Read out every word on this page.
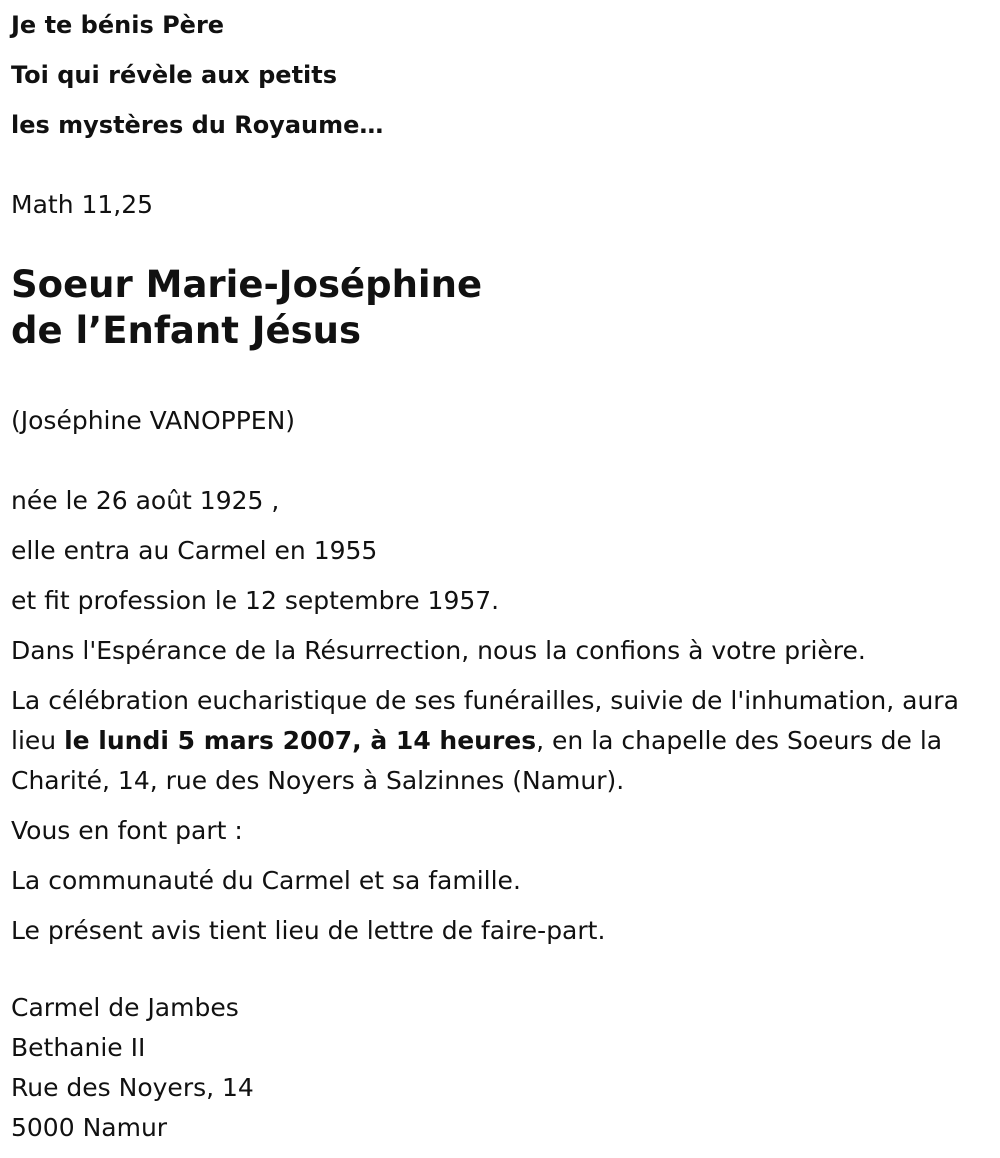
Je te bénis Père
Toi qui révèle aux petits
les mystères du Royaume…
Math 11,25
Soeur Marie-Joséphine
de l’Enfant Jésus
(Joséphine VANOPPEN)
née le 26 août 1925 ,
elle entra au Carmel en 1955
et fit profession le 12 septembre 1957.
Dans l'Espérance de la Résurrection, nous la confions à votre prière.
La célébration eucharistique de ses funérailles, suivie de l'inhumation, aura lieu le lundi 5 mars 2007, à 14 heures, en la chapelle des Soeurs de la Charité, 14, rue des Noyers à Salzinnes (Namur).
Vous en font part :
La communauté du Carmel et sa famille.
Le présent avis tient lieu de lettre de faire-part.
Carmel de Jambes
Bethanie II
Rue des Noyers, 14
5000 Namur
